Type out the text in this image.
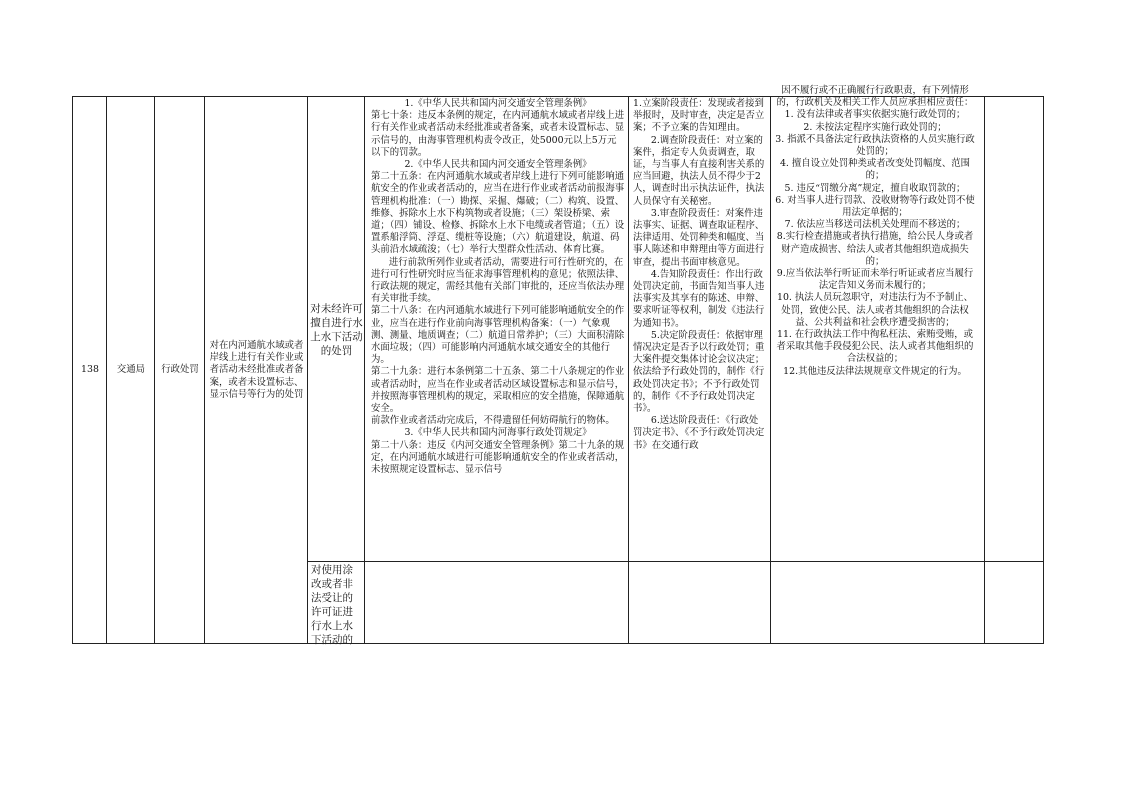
138 交通局 行政处罚
对在内河通航水域或者岸线上进行有关作业或者活动未经批准或者备案，或者未设置标志、显示信号等行为的处罚
对未经许可擅自进行水上水下活动的处罚

1.《中华人民共和国内河交通安全管理条例》

第七十条：违反本条例的规定，在内河通航水域或者岸线上进行有关作业或者活动未经批准或者备案，或者未设置标志、显示信号的，由海事管理机构责令改正，处5000元以上5万元以下的罚款。

2.《中华人民共和国内河交通安全管理条例》

第二十五条：在内河通航水域或者岸线上进行下列可能影响通航安全的作业或者活动的，应当在进行作业或者活动前报海事管理机构批准：（一）勘探、采掘、爆破；（二）构筑、设置、维修、拆除水上水下构筑物或者设施；（三）架设桥梁、索道；（四）铺设、检修、拆除水上水下电缆或者管道；（五）设置系船浮筒、浮趸、缆桩等设施；（六）航道建设，航道、码头前沿水域疏浚；（七）举行大型群众性活动、体育比赛。

进行前款所列作业或者活动，需要进行可行性研究的，在进行可行性研究时应当征求海事管理机构的意见；依照法律、行政法规的规定，需经其他有关部门审批的，还应当依法办理有关审批手续。

第二十八条：在内河通航水域进行下列可能影响通航安全的作业，应当在进行作业前向海事管理机构备案：（一）气象观测、测量、地质调查；（二）航道日常养护；（三）大面积清除水面垃圾；（四）可能影响内河通航水域交通安全的其他行为。

第二十九条：进行本条例第二十五条、第二十八条规定的作业或者活动时，应当在作业或者活动区域设置标志和显示信号，并按照海事管理机构的规定，采取相应的安全措施，保障通航安全。

前款作业或者活动完成后，不得遗留任何妨碍航行的物体。

3.《中华人民共和国内河海事行政处罚规定》

第二十八条：违反《内河交通安全管理条例》第二十九条的规定，在内河通航水域进行可能影响通航安全的作业或者活动，未按照规定设置标志、显示信号

1.立案阶段责任：发现或者接到举报时，及时审查，决定是否立案；不予立案的告知理由。

2.调查阶段责任：对立案的案件，指定专人负责调查，取证，与当事人有直接利害关系的应当回避，执法人员不得少于2人，调查时出示执法证件，执法人员保守有关秘密。

3.审查阶段责任：对案件违法事实、证据、调查取证程序、法律适用、处罚种类和幅度、当事人陈述和申辩理由等方面进行审查，提出书面审核意见。

4.告知阶段责任：作出行政处罚决定前，书面告知当事人违法事实及其享有的陈述、申辩、要求听证等权利，制发《违法行为通知书》。

5.决定阶段责任：依据审理情况决定是否予以行政处罚；重大案件提交集体讨论会议决定；依法给予行政处罚的，制作《行政处罚决定书》；不予行政处罚的，制作《不予行政处罚决定书》。

6.送达阶段责任：《行政处罚决定书》、《不予行政处罚决定书》在交通行政

因不履行或不正确履行行政职责，有下列情形的，行政机关及相关工作人员应承担相应责任：

1. 没有法律或者事实依据实施行政处罚的；

2. 未按法定程序实施行政处罚的；

3. 指派不具备法定行政执法资格的人员实施行政处罚的；

4. 擅自设立处罚种类或者改变处罚幅度、范围的；

5. 违反“罚缴分离”规定，擅自收取罚款的；

6. 对当事人进行罚款、没收财物等行政处罚不使用法定单据的；

7. 依法应当移送司法机关处理而不移送的；

8.实行检查措施或者执行措施，给公民人身或者财产造成损害、给法人或者其他组织造成损失的；

9.应当依法举行听证而未举行听证或者应当履行法定告知义务而未履行的；

10. 执法人员玩忽职守，对违法行为不予制止、处罚，致使公民、法人或者其他组织的合法权益、公共利益和社会秩序遭受损害的；

11. 在行政执法工作中徇私枉法、索贿受贿，或者采取其他手段侵犯公民、法人或者其他组织的合法权益的；

12.其他违反法律法规规章文件规定的行为。

对使用涂改或者非法受让的许可证进行水上水下活动的
